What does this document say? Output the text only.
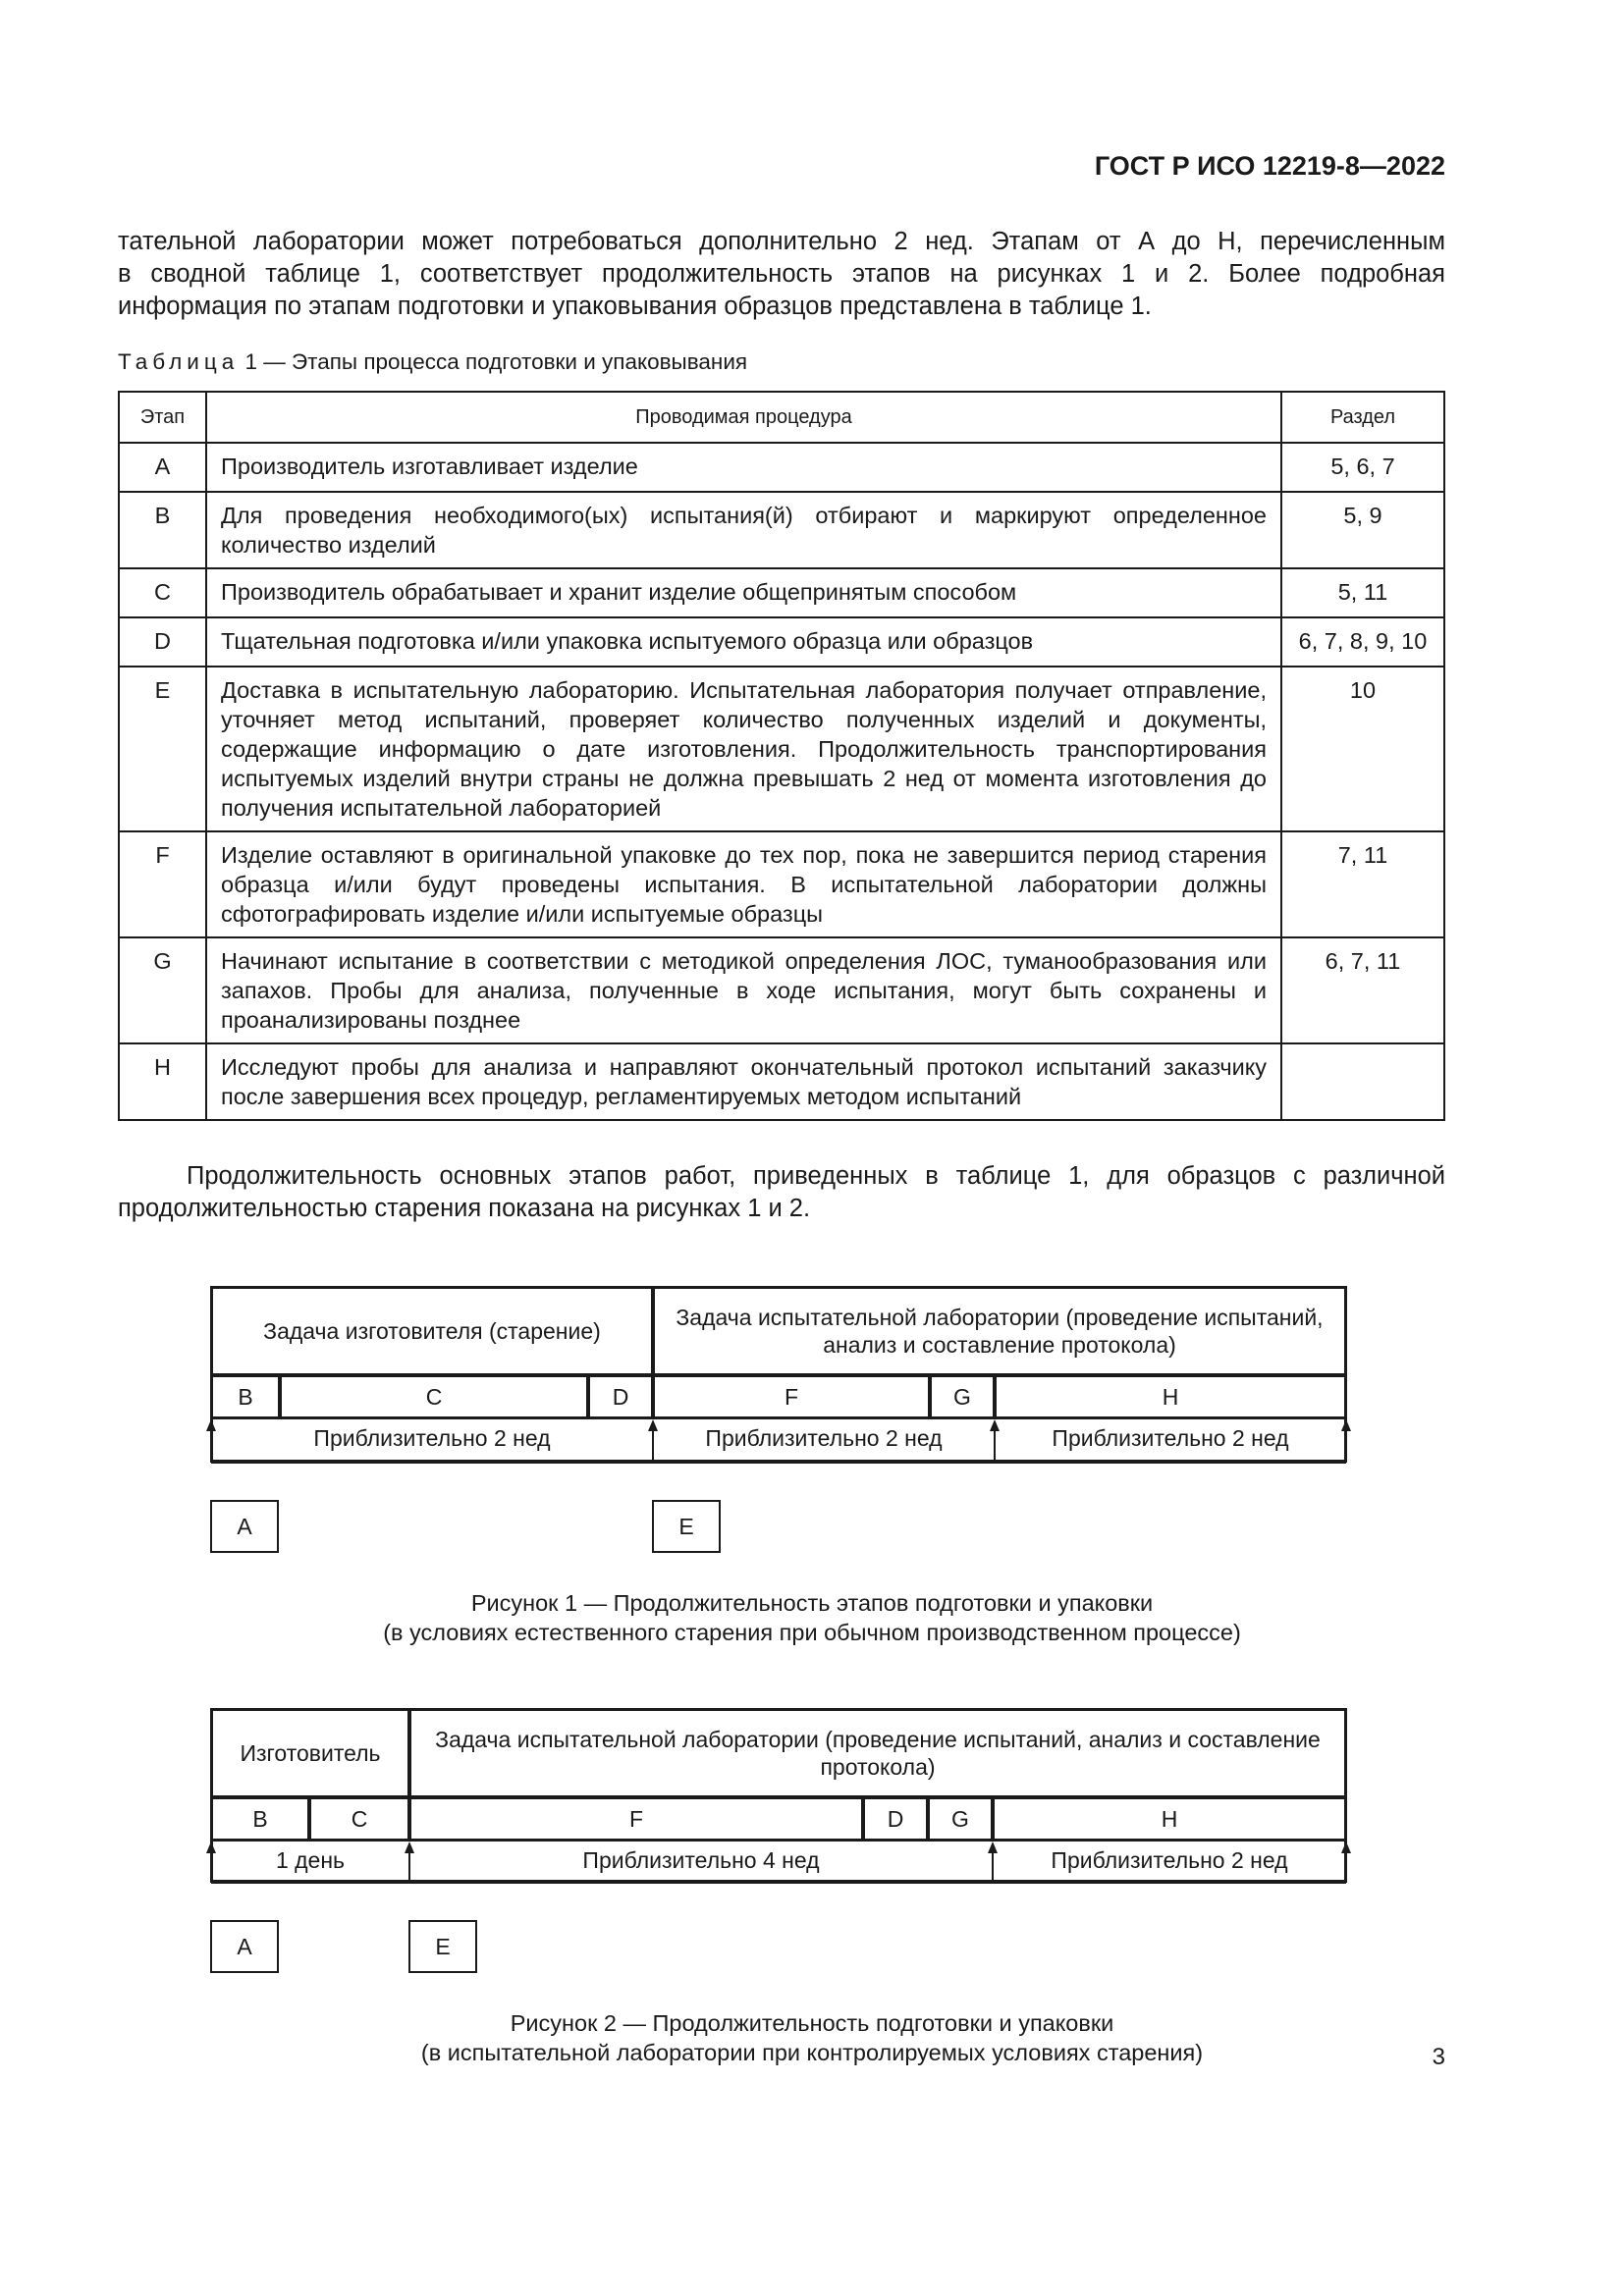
ГОСТ Р ИСО 12219-8—2022
тательной лаборатории может потребоваться дополнительно 2 нед. Этапам от А до Н, перечисленным
в сводной таблице 1, соответствует продолжительность этапов на рисунках 1 и 2. Более подробная
информация по этапам подготовки и упаковывания образцов представлена в таблице 1.
Таблица 1 — Этапы процесса подготовки и упаковывания
Этап	Проводимая процедура	Раздел
A	Производитель изготавливает изделие	5, 6, 7
B	Для проведения необходимого(ых) испытания(й) отбирают и маркируют определенное количество изделий	5, 9
C	Производитель обрабатывает и хранит изделие общепринятым способом	5, 11
D	Тщательная подготовка и/или упаковка испытуемого образца или образцов	6, 7, 8, 9, 10
E	Доставка в испытательную лабораторию. Испытательная лаборатория получает отправление, уточняет метод испытаний, проверяет количество полученных изделий и документы, содержащие информацию о дате изготовления. Продолжительность транспортирования испытуемых изделий внутри страны не должна превышать 2 нед от момента изготовления до получения испытательной лабораторией	10
F	Изделие оставляют в оригинальной упаковке до тех пор, пока не завершится период старения образца и/или будут проведены испытания. В испытательной лаборатории должны сфотографировать изделие и/или испытуемые образцы	7, 11
G	Начинают испытание в соответствии с методикой определения ЛОС, туманообразования или запахов. Пробы для анализа, полученные в ходе испытания, могут быть сохранены и проанализированы позднее	6, 7, 11
H	Исследуют пробы для анализа и направляют окончательный протокол испытаний заказчику после завершения всех процедур, регламентируемых методом испытаний	
Продолжительность основных этапов работ, приведенных в таблице 1, для образцов с различной
продолжительностью старения показана на рисунках 1 и 2.
Задача изготовителя (старение)
Задача испытательной лаборатории (проведение испытаний, анализ и составление протокола)
B	C	D	F	G	H
Приблизительно 2 нед	Приблизительно 2 нед	Приблизительно 2 нед
A	E
Рисунок 1 — Продолжительность этапов подготовки и упаковки
(в условиях естественного старения при обычном производственном процессе)
Изготовитель
Задача испытательной лаборатории (проведение испытаний, анализ и составление протокола)
B	C	F	D	G	H
1 день	Приблизительно 4 нед	Приблизительно 2 нед
A	E
Рисунок 2 — Продолжительность подготовки и упаковки
(в испытательной лаборатории при контролируемых условиях старения)	3
